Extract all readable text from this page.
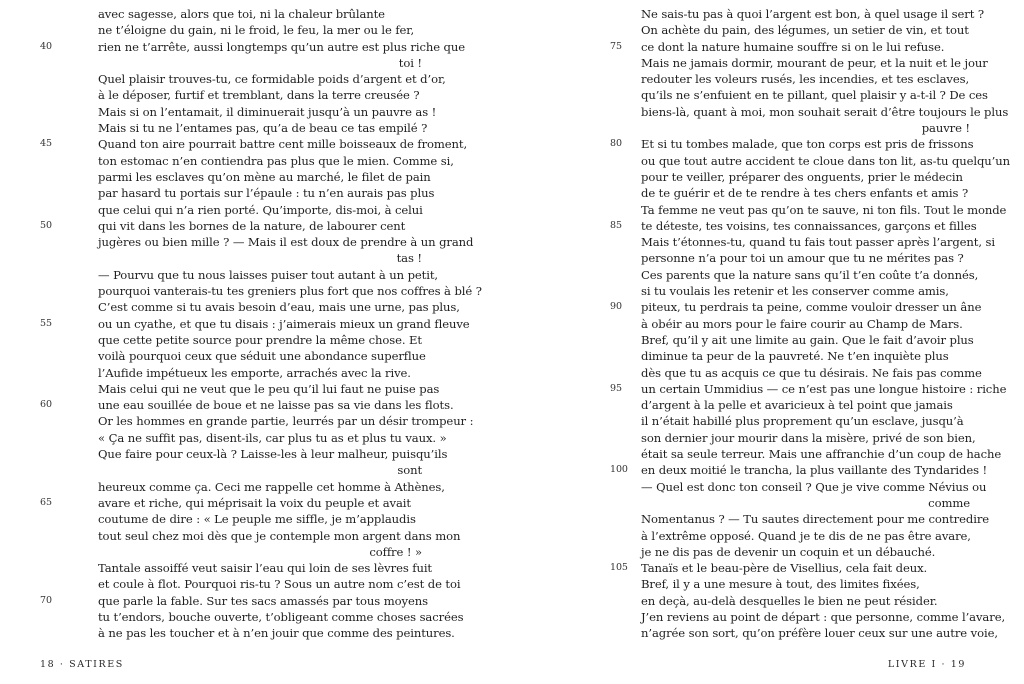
avec sagesse, alors que toi, ni la chaleur brûlante
ne t’éloigne du gain, ni le froid, le feu, la mer ou le fer,
40	rien ne t’arrête, aussi longtemps qu’un autre est plus riche que
toi !
Quel plaisir trouves-tu, ce formidable poids d’argent et d’or,
à le déposer, furtif et tremblant, dans la terre creusée ?
Mais si on l’entamait, il diminuerait jusqu’à un pauvre as !
Mais si tu ne l’entames pas, qu’a de beau ce tas empilé ?
45	Quand ton aire pourrait battre cent mille boisseaux de froment,
ton estomac n’en contiendra pas plus que le mien. Comme si,
parmi les esclaves qu’on mène au marché, le filet de pain
par hasard tu portais sur l’épaule : tu n’en aurais pas plus
que celui qui n’a rien porté. Qu’importe, dis-moi, à celui
50	qui vit dans les bornes de la nature, de labourer cent
jugères ou bien mille ? — Mais il est doux de prendre à un grand
tas !
— Pourvu que tu nous laisses puiser tout autant à un petit,
pourquoi vanterais-tu tes greniers plus fort que nos coffres à blé ?
C’est comme si tu avais besoin d’eau, mais une urne, pas plus,
55	ou un cyathe, et que tu disais : j’aimerais mieux un grand fleuve
que cette petite source pour prendre la même chose. Et
voilà pourquoi ceux que séduit une abondance superflue
l’Aufide impétueux les emporte, arrachés avec la rive.
Mais celui qui ne veut que le peu qu’il lui faut ne puise pas
60	une eau souillée de boue et ne laisse pas sa vie dans les flots.
Or les hommes en grande partie, leurrés par un désir trompeur :
« Ça ne suffit pas, disent-ils, car plus tu as et plus tu vaux. »
Que faire pour ceux-là ? Laisse-les à leur malheur, puisqu’ils
sont
heureux comme ça. Ceci me rappelle cet homme à Athènes,
65	avare et riche, qui méprisait la voix du peuple et avait
coutume de dire : « Le peuple me siffle, je m’applaudis
tout seul chez moi dès que je contemple mon argent dans mon
coffre ! »
Tantale assoiffé veut saisir l’eau qui loin de ses lèvres fuit
et coule à flot. Pourquoi ris-tu ? Sous un autre nom c’est de toi
70	que parle la fable. Sur tes sacs amassés par tous moyens
tu t’endors, bouche ouverte, t’obligeant comme choses sacrées
à ne pas les toucher et à n’en jouir que comme des peintures.
Ne sais-tu pas à quoi l’argent est bon, à quel usage il sert ?
On achète du pain, des légumes, un setier de vin, et tout
75 ce dont la nature humaine souffre si on le lui refuse.
Mais ne jamais dormir, mourant de peur, et la nuit et le jour
redouter les voleurs rusés, les incendies, et tes esclaves,
qu’ils ne s’enfuient en te pillant, quel plaisir y a-t-il ? De ces
biens-là, quant à moi, mon souhait serait d’être toujours le plus
pauvre !
80 Et si tu tombes malade, que ton corps est pris de frissons
ou que tout autre accident te cloue dans ton lit, as-tu quelqu’un
pour te veiller, préparer des onguents, prier le médecin
de te guérir et de te rendre à tes chers enfants et amis ?
Ta femme ne veut pas qu’on te sauve, ni ton fils. Tout le monde
85 te déteste, tes voisins, tes connaissances, garçons et filles
Mais t’étonnes-tu, quand tu fais tout passer après l’argent, si
personne n’a pour toi un amour que tu ne mérites pas ?
Ces parents que la nature sans qu’il t’en coûte t’a donnés,
si tu voulais les retenir et les conserver comme amis,
90 piteux, tu perdrais ta peine, comme vouloir dresser un âne
à obéir au mors pour le faire courir au Champ de Mars.
Bref, qu’il y ait une limite au gain. Que le fait d’avoir plus
diminue ta peur de la pauvreté. Ne t’en inquiète plus
dès que tu as acquis ce que tu désirais. Ne fais pas comme
95 un certain Ummidius — ce n’est pas une longue histoire : riche
d’argent à la pelle et avaricieux à tel point que jamais
il n’était habillé plus proprement qu’un esclave, jusqu’à
son dernier jour mourir dans la misère, privé de son bien,
était sa seule terreur. Mais une affranchie d’un coup de hache
100 en deux moitié le trancha, la plus vaillante des Tyndarides !
— Quel est donc ton conseil ? Que je vive comme Névius ou
comme
Nomentanus ? — Tu sautes directement pour me contredire
à l’extrême opposé. Quand je te dis de ne pas être avare,
je ne dis pas de devenir un coquin et un débauché.
105 Tanaïs et le beau-père de Visellius, cela fait deux.
Bref, il y a une mesure à tout, des limites fixées,
en deçà, au-delà desquelles le bien ne peut résider.
J’en reviens au point de départ : que personne, comme l’avare,
n’agrée son sort, qu’on préfère louer ceux sur une autre voie,
18 · SATIRES	LIVRE I · 19
